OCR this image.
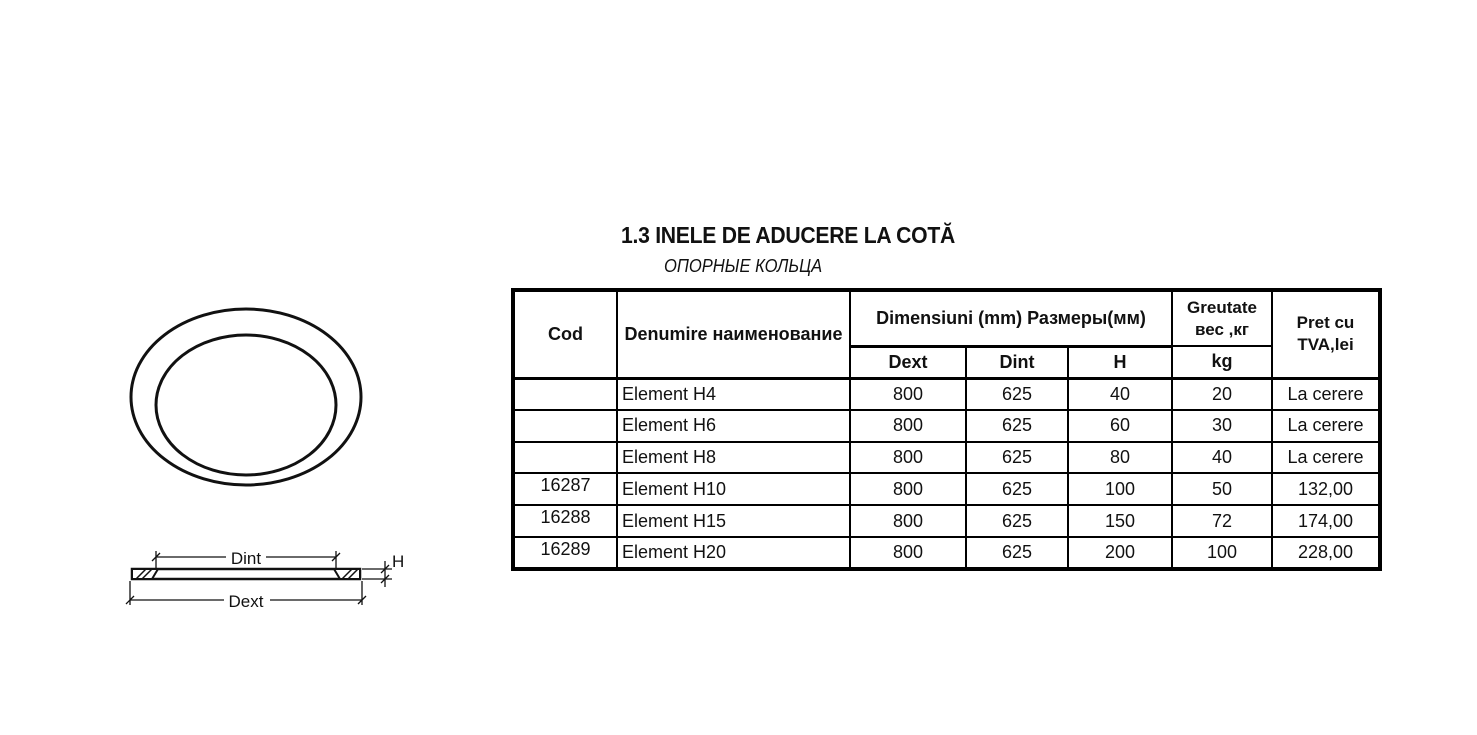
1.3 INELE DE ADUCERE LA COTĂ
ОПОРНЫЕ КОЛЬЦА
Dint
Dext
H
Cod	Denumire наименование	Dimensiuni (mm) Размеры(мм)			Greutate вес ,кг	Pret cu TVA,lei
		Dext	Dint	H	kg	
	Element H4	800	625	40	20	La cerere
	Element H6	800	625	60	30	La cerere
	Element H8	800	625	80	40	La cerere
16287	Element H10	800	625	100	50	132,00
16288	Element H15	800	625	150	72	174,00
16289	Element H20	800	625	200	100	228,00
